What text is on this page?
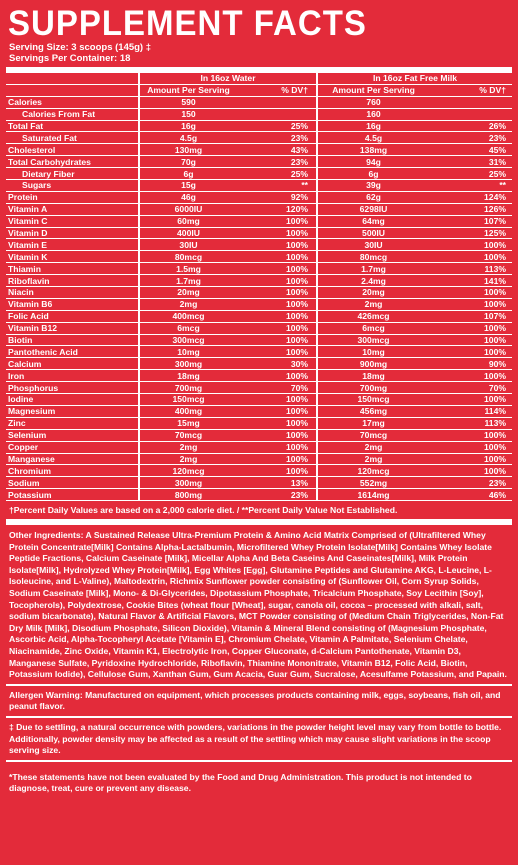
SUPPLEMENT FACTS
Serving Size: 3 scoops (145g) ‡
Servings Per Container: 18
	In 16oz Water		In 16oz Fat Free Milk	
	Amount Per Serving	% DV†	Amount Per Serving	% DV†
Calories	590		760	
Calories From Fat	150		160	
Total Fat	16g	25%	16g	26%
Saturated Fat	4.5g	23%	4.5g	23%
Cholesterol	130mg	43%	138mg	45%
Total Carbohydrates	70g	23%	94g	31%
Dietary Fiber	6g	25%	6g	25%
Sugars	15g	**	39g	**
Protein	46g	92%	62g	124%
Vitamin A	6000IU	120%	6298IU	126%
Vitamin C	60mg	100%	64mg	107%
Vitamin D	400IU	100%	500IU	125%
Vitamin E	30IU	100%	30IU	100%
Vitamin K	80mcg	100%	80mcg	100%
Thiamin	1.5mg	100%	1.7mg	113%
Riboflavin	1.7mg	100%	2.4mg	141%
Niacin	20mg	100%	20mg	100%
Vitamin B6	2mg	100%	2mg	100%
Folic Acid	400mcg	100%	426mcg	107%
Vitamin B12	6mcg	100%	6mcg	100%
Biotin	300mcg	100%	300mcg	100%
Pantothenic Acid	10mg	100%	10mg	100%
Calcium	300mg	30%	900mg	90%
Iron	18mg	100%	18mg	100%
Phosphorus	700mg	70%	700mg	70%
Iodine	150mcg	100%	150mcg	100%
Magnesium	400mg	100%	456mg	114%
Zinc	15mg	100%	17mg	113%
Selenium	70mcg	100%	70mcg	100%
Copper	2mg	100%	2mg	100%
Manganese	2mg	100%	2mg	100%
Chromium	120mcg	100%	120mcg	100%
Sodium	300mg	13%	552mg	23%
Potassium	800mg	23%	1614mg	46%
†Percent Daily Values are based on a 2,000 calorie diet. / **Percent Daily Value Not Established.
Other Ingredients: A Sustained Release Ultra-Premium Protein & Amino Acid Matrix Comprised of (Ultrafiltered Whey Protein Concentrate[Milk] Contains Alpha-Lactalbumin, Microfiltered Whey Protein Isolate[Milk] Contains Whey Isolate Peptide Fractions, Calcium Caseinate [Milk], Micellar Alpha And Beta Caseins And Caseinates[Milk], Milk Protein Isolate[Milk], Hydrolyzed Whey Protein[Milk], Egg Whites [Egg], Glutamine Peptides and Glutamine AKG, L-Leucine, L-Isoleucine, and L-Valine), Maltodextrin, Richmix Sunflower powder consisting of (Sunflower Oil, Corn Syrup Solids, Sodium Caseinate [Milk], Mono- & Di-Glycerides, Dipotassium Phosphate, Tricalcium Phosphate, Soy Lecithin [Soy], Tocopherols), Polydextrose, Cookie Bites (wheat flour [Wheat], sugar, canola oil, cocoa – processed with alkali, salt, sodium bicarbonate), Natural Flavor & Artificial Flavors, MCT Powder consisting of (Medium Chain Triglycerides, Non-Fat Dry Milk [Milk], Disodium Phosphate, Silicon Dioxide), Vitamin & Mineral Blend consisting of (Magnesium Phosphate, Ascorbic Acid, Alpha-Tocopheryl Acetate [Vitamin E], Chromium Chelate, Vitamin A Palmitate, Selenium Chelate, Niacinamide, Zinc Oxide, Vitamin K1, Electrolytic Iron, Copper Gluconate, d-Calcium Pantothenate, Vitamin D3, Manganese Sulfate, Pyridoxine Hydrochloride, Riboflavin, Thiamine Mononitrate, Vitamin B12, Folic Acid, Biotin, Potassium Iodide), Cellulose Gum, Xanthan Gum, Gum Acacia, Guar Gum, Sucralose, Acesulfame Potassium, and Papain.
Allergen Warning: Manufactured on equipment, which processes products containing milk, eggs, soybeans, fish oil, and peanut flavor.
‡ Due to settling, a natural occurrence with powders, variations in the powder height level may vary from bottle to bottle. Additionally, powder density may be affected as a result of the settling which may cause slight variations in the scoop serving size.
*These statements have not been evaluated by the Food and Drug Administration. This product is not intended to diagnose, treat, cure or prevent any disease.
